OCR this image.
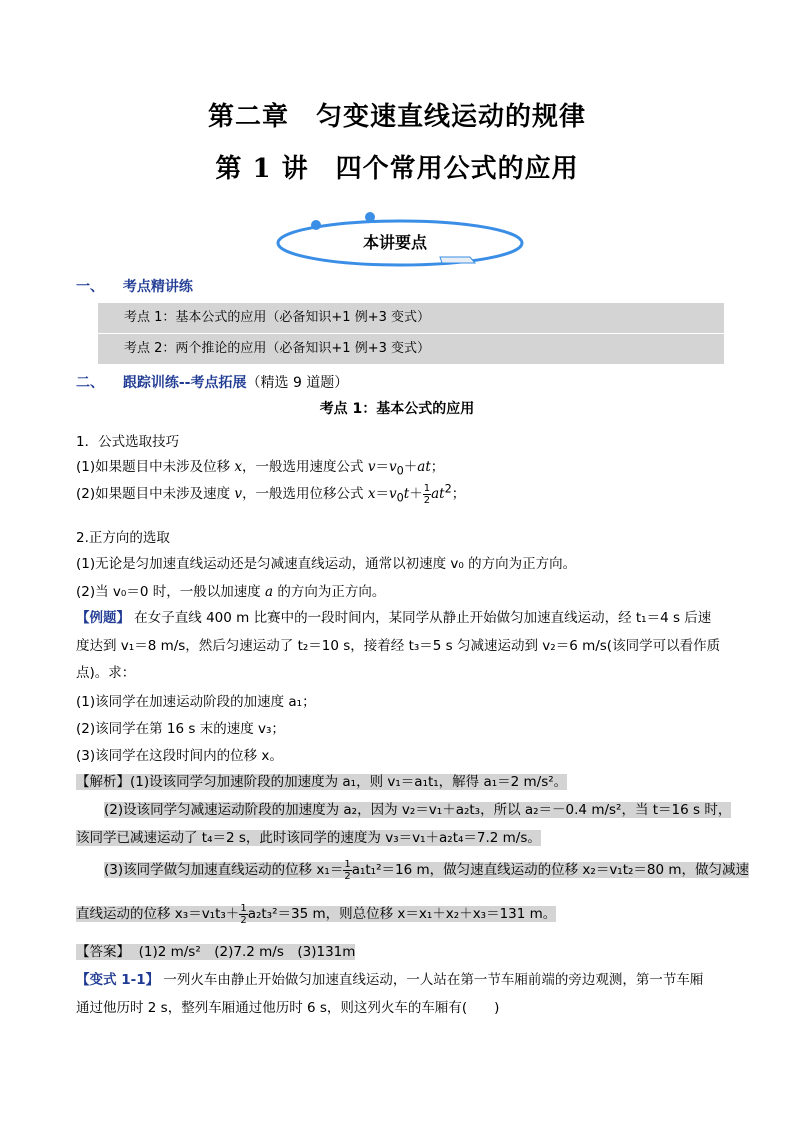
第二章　匀变速直线运动的规律
第 1 讲　四个常用公式的应用
本讲要点
一、 考点精讲练
考点 1：基本公式的应用（必备知识+1 例+3 变式）
考点 2：两个推论的应用（必备知识+1 例+3 变式）
二、 跟踪训练--考点拓展（精选 9 道题）
考点 1：基本公式的应用
1．公式选取技巧
(1)如果题目中未涉及位移 x，一般选用速度公式 $v=v_0+at$；
(2)如果题目中未涉及速度 v，一般选用位移公式 $x=v_0t+ \frac{1}{2} at^2$；
2.正方向的选取
(1)无论是匀加速直线运动还是匀减速直线运动，通常以初速度 v₀ 的方向为正方向。
(2)当 v₀＝0 时，一般以加速度 a 的方向为正方向。
【例题】 在女子直线 400 m 比赛中的一段时间内，某同学从静止开始做匀加速直线运动，经 t₁＝4 s 后速
度达到 v₁＝8 m/s，然后匀速运动了 t₂＝10 s，接着经 t₃＝5 s 匀减速运动到 v₂＝6 m/s(该同学可以看作质
点)。求：
(1)该同学在加速运动阶段的加速度 a₁；
(2)该同学在第 16 s 末的速度 v₃；
(3)该同学在这段时间内的位移 x。
【解析】(1)设该同学匀加速阶段的加速度为 a₁，则 v₁＝a₁t₁，解得 a₁＝2 m/s²。
(2)设该同学匀减速运动阶段的加速度为 a₂，因为 v₂＝v₁＋a₂t₃，所以 a₂＝－0.4 m/s²，当 t＝16 s 时，
该同学已减速运动了 t₄＝2 s，此时该同学的速度为 v₃＝v₁＋a₂t₄＝7.2 m/s。
(3)该同学做匀加速直线运动的位移 $x_1= \frac{1}{2} a_1t_1^2=16$ m，做匀速直线运动的位移 x₂＝v₁t₂＝80 m，做匀减速
直线运动的位移 $x_3=v_1t_3+ \frac{1}{2} a_2t_3^2=35$ m，则总位移 x＝x₁＋x₂＋x₃＝131 m。
【答案】 (1)2 m/s²　(2)7.2 m/s　(3)131m
【变式 1-1】 一列火车由静止开始做匀加速直线运动，一人站在第一节车厢前端的旁边观测，第一节车厢
通过他历时 2 s，整列车厢通过他历时 6 s，则这列火车的车厢有(　　)
